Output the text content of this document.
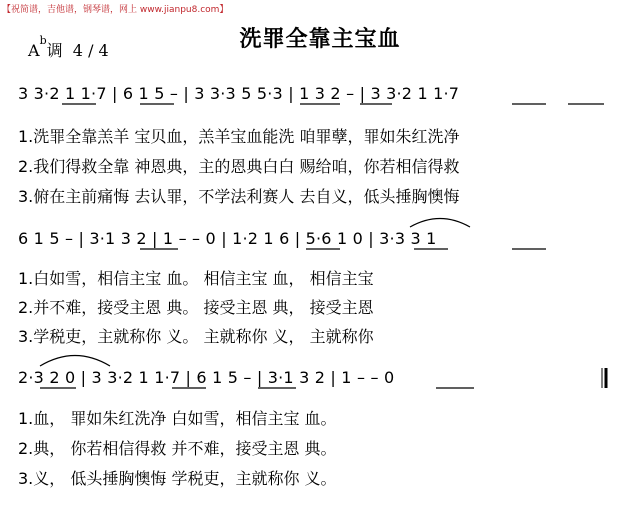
【祝简谱，吉他谱，钢琴谱，网上 www.jianpu8.com】
洗罪全靠主宝血
$A^b$调 4 / 4
3 3·2 1 1·7 | 6 1 5 – | 3 3·3 5 5·3 | 1 3 2 – | 3 3·2 1 1·7
1.洗罪全靠羔羊 宝贝血，羔羊宝血能洗 咱罪孽，罪如朱红洗净
2.我们得救全靠 神恩典，主的恩典白白 赐给咱，你若相信得救
3.俯在主前痛悔 去认罪，不学法利赛人 去自义，低头捶胸懊悔
6 1 5 – | 3·1 3 2 | 1 – – 0 | 1·2 1 6 | 5·6 1 0 | 3·3 3 1
1.白如雪，相信主宝 血。 相信主宝 血， 相信主宝
2.并不难，接受主恩 典。 接受主恩 典， 接受主恩
3.学税吏，主就称你 义。 主就称你 义， 主就称你
2·3 2 0 | 3 3·2 1 1·7 | 6 1 5 – | 3·1 3 2 | 1 – – 0
1.血， 罪如朱红洗净 白如雪，相信主宝 血。
2.典， 你若相信得救 并不难，接受主恩 典。
3.义， 低头捶胸懊悔 学税吏，主就称你 义。
